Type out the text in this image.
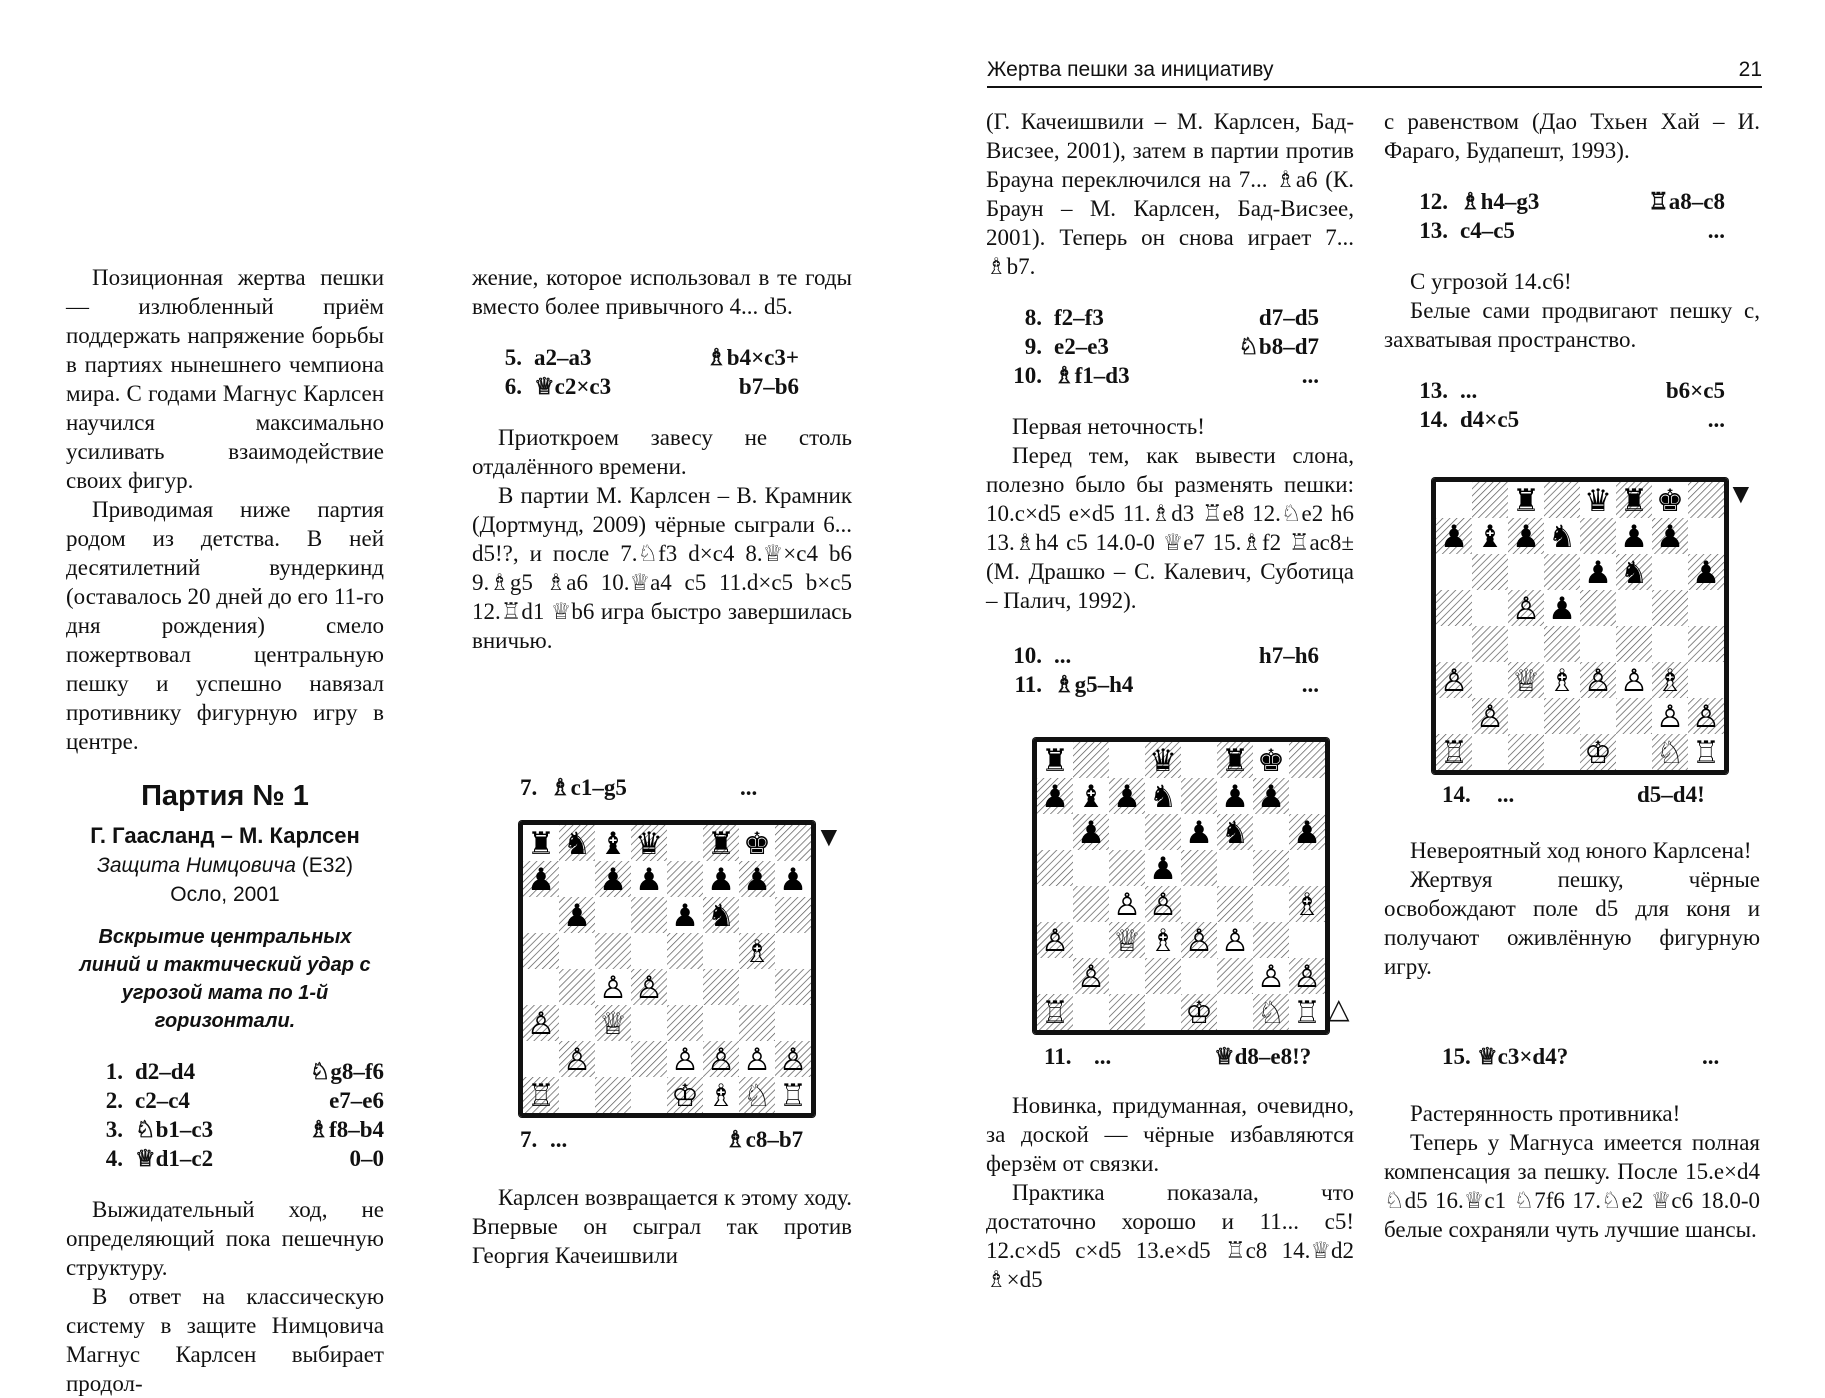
Позиционная жертва пешки — излюбленный приём поддержать напряжение борьбы в партиях нынешнего чемпиона мира. С годами Магнус Карлсен научился максимально усиливать взаимодействие своих фигур.

Приводимая ниже партия родом из детства. В ней десятилетний вундеркинд (оставалось 20 дней до его 11-го дня рождения) смело пожертвовал центральную пешку и успешно навязал противнику фигурную игру в центре.

Партия № 1
Г. Гаасланд – М. Карлсен
Защита Нимцовича (Е32)
Осло, 2001
Вскрытие центральных линий и тактический удар с угрозой мата по 1-й горизонтали.
1. d2–d4	♘g8–f6
2. c2–c4	e7–e6
3. ♘b1–c3	♗f8–b4
4. ♕d1–c2	0–0

Выжидательный ход, не определяющий пока пешечную структуру.

В ответ на классическую систему в защите Нимцовича Магнус Карлсен выбирает продол-

жение, которое использовал в те годы вместо более привычного 4... d5.

5. a2–a3	♗b4×c3+
6. ♕c2×c3	b7–b6

Приоткроем завесу не столь отдалённого времени.

В партии М. Карлсен – В. Крамник (Дортмунд, 2009) чёрные сыграли 6... d5!?, и после 7.♘f3 d×c4 8.♕×c4 b6 9.♗g5 ♗a6 10.♕a4 c5 11.d×c5 b×c5 12.♖d1 ♕b6 игра быстро завершилась вничью.

7. ♗c1–g5	...
♜ ♞ ♝ ♛ ♜ ♚
♟ ♟ ♟ ♟ ♟ ♟
♟	♟ ♞
♗
♙ ♙
♙ ♕
♙	♙ ♙ ♙ ♙
♖	♔ ♗ ♘ ♖
▼
7. ...	♗c8–b7

Карлсен возвращается к этому ходу. Впервые он сыграл так против Георгия Качеишвили

Жертва пешки за инициативу	21

(Г. Качеишвили – М. Карлсен, Бад-Висзее, 2001), затем в партии против Брауна переключился на 7... ♗a6 (К. Браун – М. Карлсен, Бад-Висзее, 2001). Теперь он снова играет 7... ♗b7.

8. f2–f3	d7–d5
9. e2–e3	♘b8–d7
10. ♗f1–d3	...

Первая неточность!

Перед тем, как вывести слона, полезно было бы разменять пешки: 10.c×d5 e×d5 11.♗d3 ♖e8 12.♘e2 h6 13.♗h4 c5 14.0-0 ♕e7 15.♗f2 ♖ac8± (М. Драшко – С. Калевич, Суботица – Палич, 1992).

10. ...	h7–h6
11. ♗g5–h4	...
♜	♛ ♜ ♚
♟ ♝ ♟ ♞ ♟ ♟
♟	♟ ♞ ♟
♟
♙ ♙	♗
♙ ♕ ♗ ♙ ♙
♙	♙ ♙
♖	♔ ♘ ♖ △
11. ...	♕d8–e8!?

Новинка, придуманная, очевидно, за доской — чёрные избавляются ферзём от связки.

Практика показала, что достаточно хорошо и 11... c5! 12.c×d5 c×d5 13.e×d5 ♖c8 14.♕d2 ♗×d5

с равенством (Дао Тхьен Хай – И. Фараго, Будапешт, 1993).

12. ♗h4–g3	♖a8–c8
13. c4–c5	...

С угрозой 14.c6!

Белые сами продвигают пешку c, захватывая пространство.

13. ...	b6×c5
14. d4×c5	...
♜ ♛ ♜ ♚
♟ ♝ ♟ ♞ ♟ ♟
♟ ♞ ♟
♙ ♟
♙ ♕ ♗ ♙ ♙ ♗
♙	♙ ♙
♖	♔ ♘ ♖
▼
14.	...	d5–d4!

Невероятный ход юного Карлсена!

Жертвуя пешку, чёрные освобождают поле d5 для коня и получают оживлённую фигурную игру.

15. ♕c3×d4?	...

Растерянность противника!

Теперь у Магнуса имеется полная компенсация за пешку. После 15.e×d4 ♘d5 16.♕c1 ♘7f6 17.♘e2 ♕c6 18.0-0 белые сохраняли чуть лучшие шансы.
